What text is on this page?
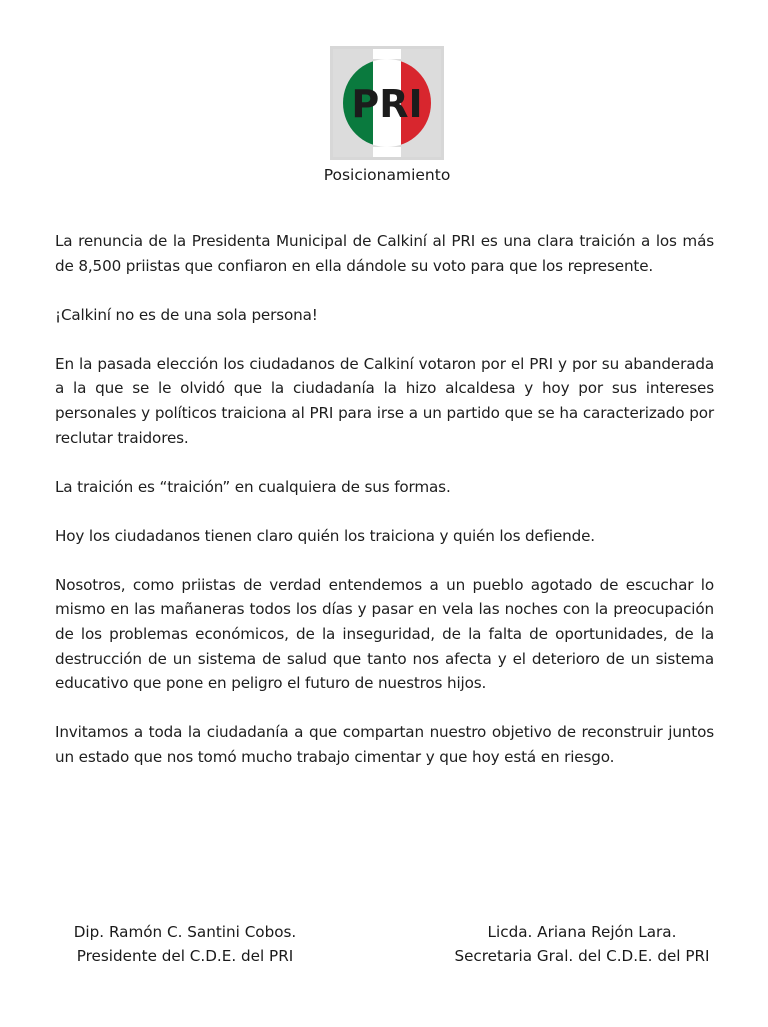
PRI
Posicionamiento

La renuncia de la Presidenta Municipal de Calkiní al PRI es una clara traición a los más de 8,500 priistas que confiaron en ella dándole su voto para que los represente.

¡Calkiní no es de una sola persona!

En la pasada elección los ciudadanos de Calkiní votaron por el PRI y por su abanderada a la que se le olvidó que la ciudadanía la hizo alcaldesa y hoy por sus intereses personales y políticos traiciona al PRI para irse a un partido que se ha caracterizado por reclutar traidores.

La traición es “traición” en cualquiera de sus formas.

Hoy los ciudadanos tienen claro quién los traiciona y quién los defiende.

Nosotros, como priistas de verdad entendemos a un pueblo agotado de escuchar lo mismo en las mañaneras todos los días y pasar en vela las noches con la preocupación de los problemas económicos, de la inseguridad, de la falta de oportunidades, de la destrucción de un sistema de salud que tanto nos afecta y el deterioro de un sistema educativo que pone en peligro el futuro de nuestros hijos.

Invitamos a toda la ciudadanía a que compartan nuestro objetivo de reconstruir juntos un estado que nos tomó mucho trabajo cimentar y que hoy está en riesgo.

Dip. Ramón C. Santini Cobos.
Presidente del C.D.E. del PRI
Licda. Ariana Rejón Lara.
Secretaria Gral. del C.D.E. del PRI
